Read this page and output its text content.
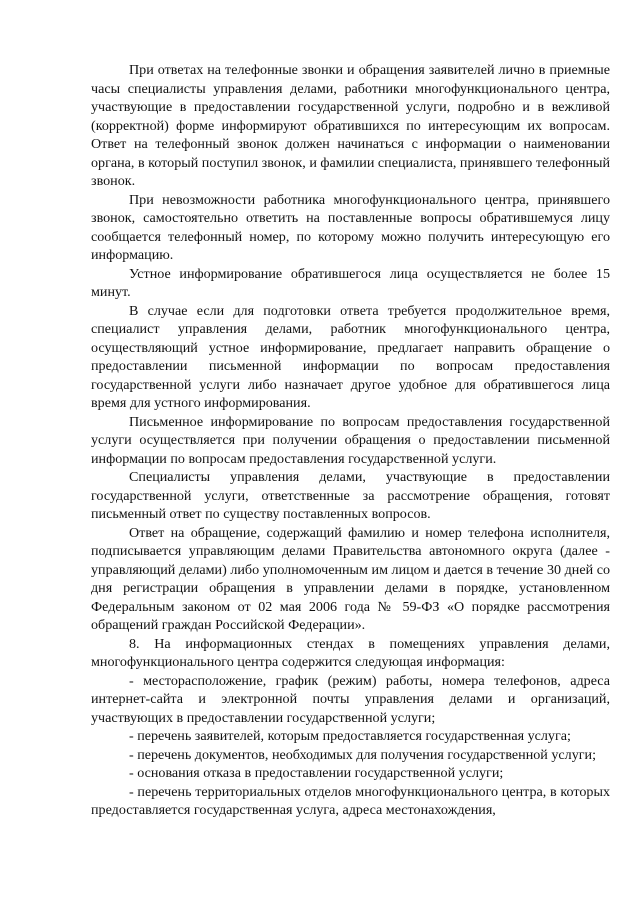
При ответах на телефонные звонки и обращения заявителей лично в приемные часы специалисты управления делами, работники многофункционального центра, участвующие в предоставлении государственной услуги, подробно и в вежливой (корректной) форме информируют обратившихся по интересующим их вопросам. Ответ на телефонный звонок должен начинаться с информации о наименовании органа, в который поступил звонок, и фамилии специалиста, принявшего телефонный звонок.

При невозможности работника многофункционального центра, принявшего звонок, самостоятельно ответить на поставленные вопросы обратившемуся лицу сообщается телефонный номер, по которому можно получить интересующую его информацию.

Устное информирование обратившегося лица осуществляется не более 15 минут.

В случае если для подготовки ответа требуется продолжительное время, специалист управления делами, работник многофункционального центра, осуществляющий устное информирование, предлагает направить обращение о предоставлении письменной информации по вопросам предоставления государственной услуги либо назначает другое удобное для обратившегося лица время для устного информирования.

Письменное информирование по вопросам предоставления государственной услуги осуществляется при получении обращения о предоставлении письменной информации по вопросам предоставления государственной услуги.

Специалисты управления делами, участвующие в предоставлении государственной услуги, ответственные за рассмотрение обращения, готовят письменный ответ по существу поставленных вопросов.

Ответ на обращение, содержащий фамилию и номер телефона исполнителя, подписывается управляющим делами Правительства автономного округа (далее - управляющий делами) либо уполномоченным им лицом и дается в течение 30 дней со дня регистрации обращения в управлении делами в порядке, установленном Федеральным законом от 02 мая 2006 года № 59-ФЗ «О порядке рассмотрения обращений граждан Российской Федерации».

8. На информационных стендах в помещениях управления делами, многофункционального центра содержится следующая информация:

- месторасположение, график (режим) работы, номера телефонов, адреса интернет-сайта и электронной почты управления делами и организаций, участвующих в предоставлении государственной услуги;

- перечень заявителей, которым предоставляется государственная услуга;

- перечень документов, необходимых для получения государственной услуги;

- основания отказа в предоставлении государственной услуги;

- перечень территориальных отделов многофункционального центра, в которых предоставляется государственная услуга, адреса местонахождения,
